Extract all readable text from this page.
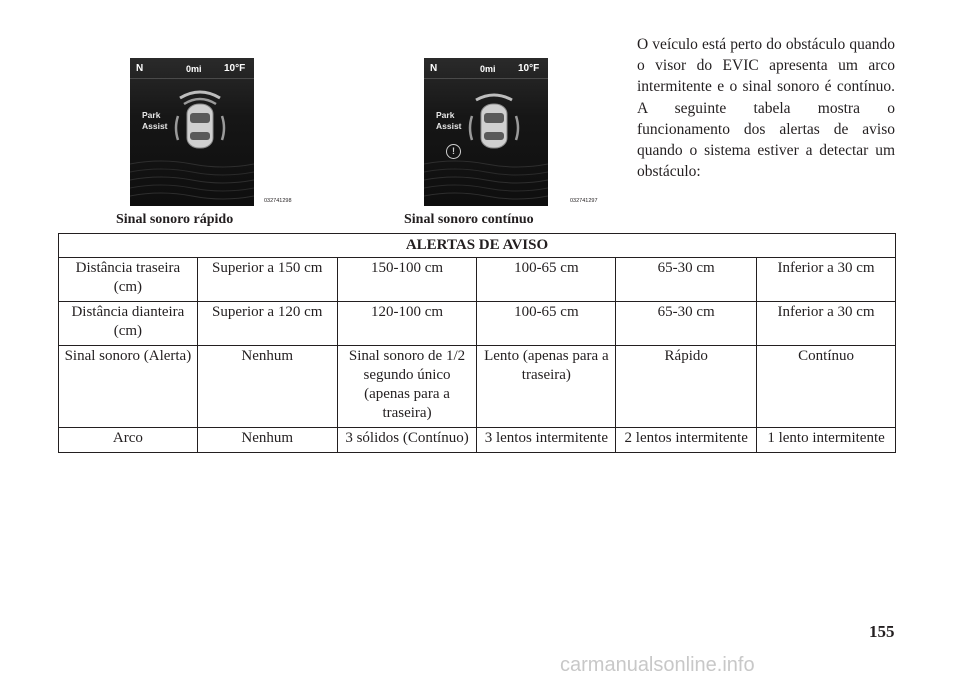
O veículo está perto do obstáculo quando o visor do EVIC apresenta um arco intermitente e o sinal sonoro é contínuo. A seguinte tabela mostra o funcionamento dos alertas de aviso quando o sistema estiver a detectar um obstáculo:

N	0mi 10°F
Park
Assist
032741298
Sinal sonoro rápido
N	0mi 10°F
Park
Assist
!
032741297
Sinal sonoro contínuo
ALERTAS DE AVISO					
Distância traseira (cm)	Superior a 150 cm	150-100 cm	100-65 cm	65-30 cm	Inferior a 30 cm
Distância dianteira (cm)	Superior a 120 cm	120-100 cm	100-65 cm	65-30 cm	Inferior a 30 cm
Sinal sonoro (Alerta)	Nenhum	Sinal sonoro de 1/2 segundo único (apenas para a traseira)	Lento (apenas para a traseira)	Rápido	Contínuo
Arco	Nenhum	3 sólidos (Contínuo)	3 lentos intermitente	2 lentos intermitente	1 lento intermitente
155
carmanualsonline.info
